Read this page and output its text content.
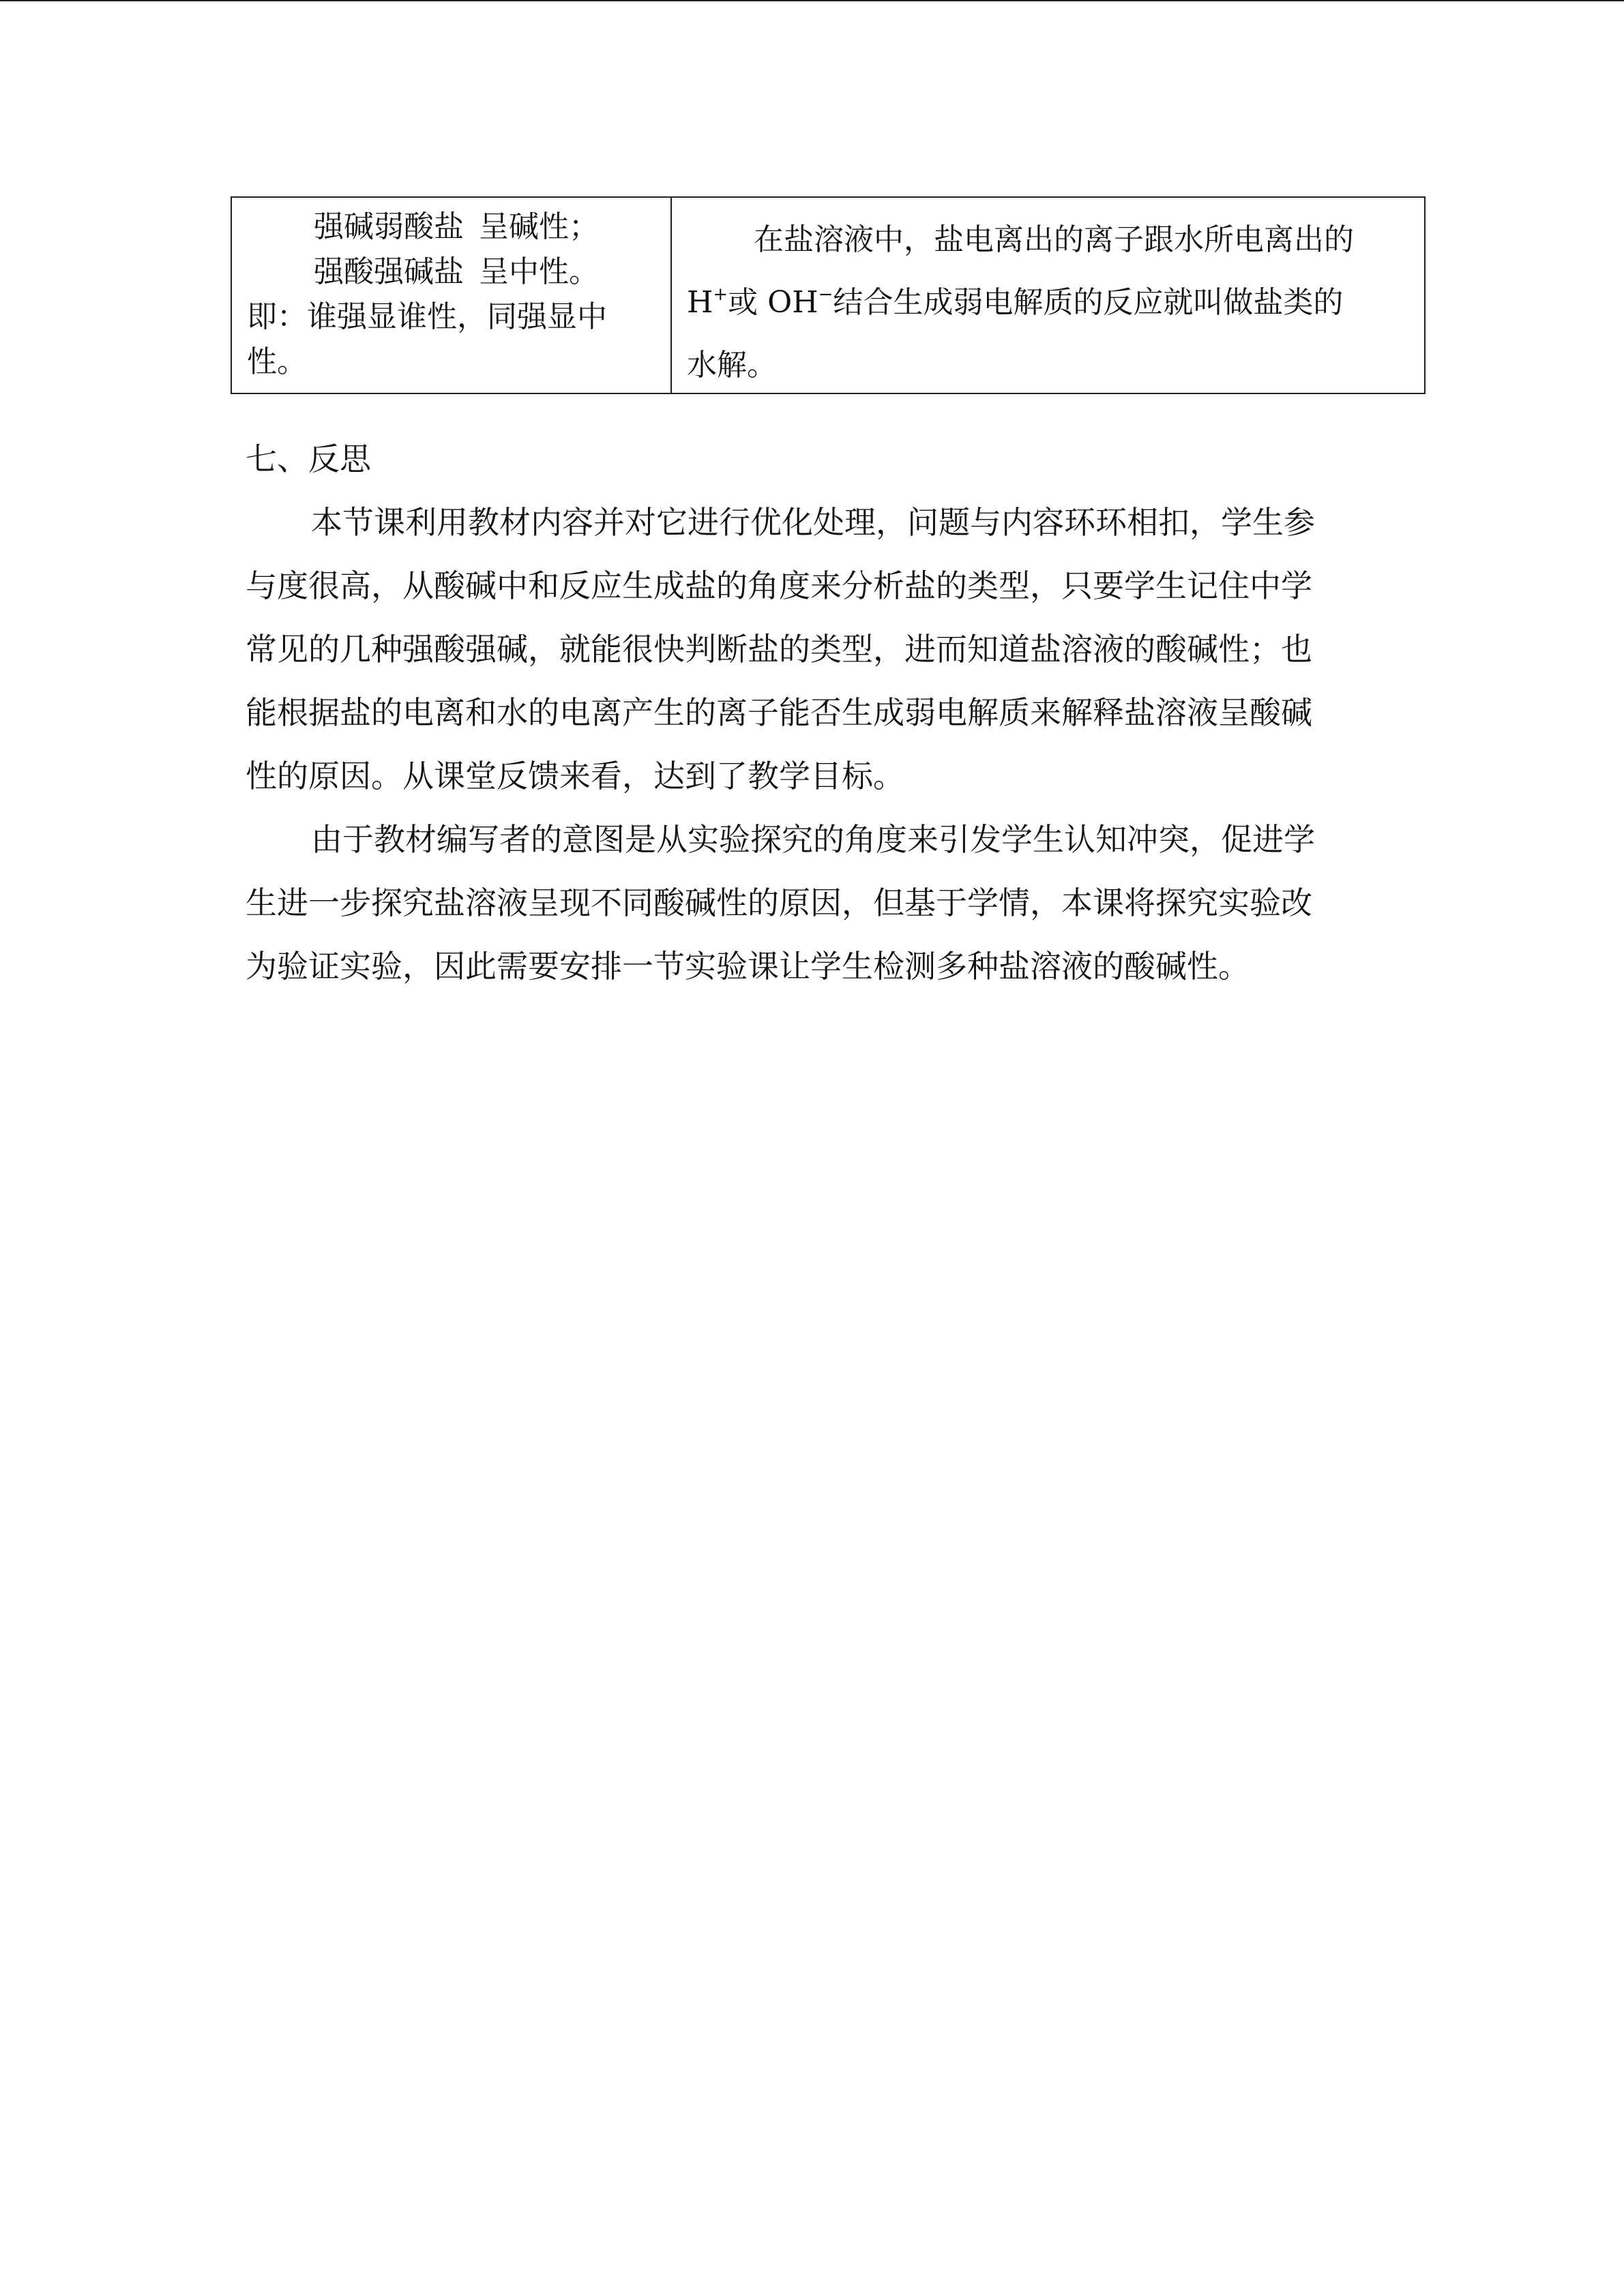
强碱弱酸盐 呈碱性；
强酸强碱盐 呈中性。
即：谁强显谁性，同强显中
性。
在盐溶液中，盐电离出的离子跟水所电离出的
H+或 OH−结合生成弱电解质的反应就叫做盐类的
水解。
七、反思
本节课利用教材内容并对它进行优化处理，问题与内容环环相扣，学生参
与度很高，从酸碱中和反应生成盐的角度来分析盐的类型，只要学生记住中学
常见的几种强酸强碱，就能很快判断盐的类型，进而知道盐溶液的酸碱性；也
能根据盐的电离和水的电离产生的离子能否生成弱电解质来解释盐溶液呈酸碱
性的原因。从课堂反馈来看，达到了教学目标。
由于教材编写者的意图是从实验探究的角度来引发学生认知冲突，促进学
生进一步探究盐溶液呈现不同酸碱性的原因，但基于学情，本课将探究实验改
为验证实验，因此需要安排一节实验课让学生检测多种盐溶液的酸碱性。
